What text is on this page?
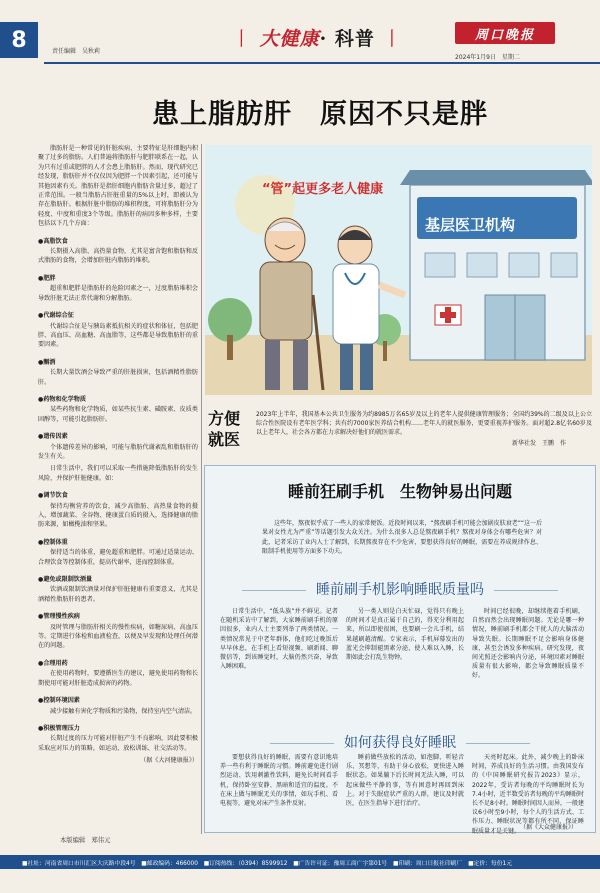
8	责任编辑　吴秋莉
丨 大健康· 科普 丨	周口晚报
2024年1月9日　星期二
患上脂肪肝　原因不只是胖

脂肪肝是一种常见的肝脏疾病，主要特征是肝细胞内积聚了过多的脂肪。人们普遍将脂肪肝与肥胖联系在一起，认为只有过重或肥胖的人才会患上脂肪肝。然而，现代研究已经发现，脂肪肝并不仅仅因为肥胖一个因素引起，还可能与其他因素有关。脂肪肝是指肝细胞内脂肪含量过多，超过了正常范围。一般当脂肪占肝脏重量的5%以上时，即被认为存在脂肪肝。根据肝脏中脂肪的堆积程度，可将脂肪肝分为轻度、中度和重度3个等级。脂肪肝的病因多种多样，主要包括以下几个方面：

●高脂饮食

长期摄入高脂、高热量食物，尤其是富含饱和脂肪和反式脂肪的食物，会增加肝脏内脂肪的堆积。

●肥胖

超重和肥胖是脂肪肝的危险因素之一，过度脂肪堆积会导致肝脏无法正常代谢和分解脂肪。

●代谢综合征

代谢综合征是与胰岛素抵抗相关的症状和体征，包括肥胖、高血压、高血糖、高血脂等，这些都是导致脂肪肝的重要因素。

●酗酒

长期大量饮酒会导致严重的肝脏损害，包括酒精性脂肪肝。

●药物和化学物质

某些药物和化学物质，如某些抗生素、磺胺素、皮质类固醇等，可能引起脂肪肝。

●遗传因素

个体遗传差异的影响，可能与脂肪代谢紊乱和脂肪肝的发生有关。

日常生活中，我们可以采取一些措施降低脂肪肝的发生风险，并保护肝脏健康。如：

●调节饮食

保持均衡营养的饮食，减少高脂肪、高热量食物的摄入，增加蔬菜、全谷物、健康蛋白质的摄入，选择健康的脂肪来源，如橄榄油和坚果。

●控制体重

保持适当的体重，避免超重和肥胖。可通过适量运动、合理饮食等控制体重，提高代谢率，进而控制体重。

●避免或限制饮酒量

饮酒或限制饮酒量对保护肝脏健康有重要意义，尤其是酒精性脂肪肝的患者。

●管理慢性疾病

及时管理与脂肪肝相关的慢性疾病，如糖尿病、高血压等。定期进行体检和血液检查，以便及早发现和处理任何潜在的问题。

●合理用药

在使用药物时，要遵循医生的建议，避免使用药物和长期使用可能对肝脏造成损害的药物。

●控制环境因素

减少接触有害化学物质和污染物，保持室内空气清洁。

●积极管理压力

长期过度的压力可能对肝脏产生不良影响，因此要积极采取应对压力的策略，如运动、放松训练、社交活动等。

（据《大河健康报》）

本版编辑　郑伟元
“管”起更多老人健康
基层医卫机构
方便就医
2023年上半年，我国基本公共卫生服务为约8985万名65岁及以上的老年人提供健康管理服务；全国约39%的二级及以上公立综合性医院设有老年医学科；共有约7000家医养结合机构……老年人的就医服务，更要重视养护服务。面对超2.8亿名60岁及以上老年人，社会各方都在力求解决好他们的就医需求。
新华社发　王鹏　作
睡前狂刷手机　生物钟易出问题
这些年，熬夜似乎成了一些人的家常便饭。近段时间以来，“熬夜刷手机可能会加剧皮肤衰老”“这一后果对女性尤为严重”等话题引发大众关注。为什么很多人总是熬夜刷手机？熬夜对身体会有哪些危害？对此，记者采访了业内人士了解到，长期熬夜存在不少危害，要想获得良好的睡眠，需要在养成规律作息、限制手机使用等方面多下功夫。
睡前刷手机影响睡眠质量吗

日常生活中，“低头族”并不鲜见。记者在随机采访中了解到，大家睡前刷手机的原因很多，业内人士主要列举了两类情况。一类情况常见于中老年群体，他们吃过晚饭后早早休息，在手机上看短视频、刷新闻、聊微信等，到该睡觉时，大脑仍然兴奋，导致入睡困难。

另一类人则是白天忙碌，觉得只有晚上的时间才是真正属于自己的，得充分利用起来，所以即使很困，也要刷一会儿手机，结果越刷越清醒。专家表示，手机屏幕发出的蓝光会抑制褪黑素分泌，使人难以入睡，长期如此会打乱生物钟。

时间已经很晚，却继续抱着手机刷，自然而然会出现睡眠问题。无论是哪一种情况，睡前刷手机都会干扰人的大脑活动导致失眠。长期睡眠不足会影响身体健康，甚至会诱发多种疾病。研究发现，夜间光照还会影响内分泌，环境因素对睡眠质量有很大影响，都会导致睡眠质量不好。

如何获得良好睡眠

要想获得良好的睡眠，需要有意识地培养一些有利于睡眠的习惯。睡前避免进行剧烈运动、饮用刺激性饮料，避免长时间看手机，保持卧室安静、黑暗和适宜的温度。不在床上做与睡眠无关的事情，如玩手机、看电视等，避免对床产生条件反射。

睡前做些放松的活动，如泡脚、听轻音乐、冥想等，有助于身心放松，更快进入睡眠状态。如果躺下后长时间无法入睡，可以起床做些平静的事，等有困意时再回到床上。对于失眠症状严重的人群，建议及时就医，在医生指导下进行治疗。

天亮时起床。此外，减少晚上的卧床时间，养成良好的生活习惯。由我国发布的《中国睡眠研究报告2023》显示，2022年，受访者每晚的平均睡眠时长为7.4小时，近半数受访者每晚的平均睡眠时长不足8小时。睡眠时间因人而异，一般建议6小时至9小时，每个人的生活方式、工作压力、睡眠状况等都有所不同，保证睡眠质量才是关键。

（据《大众健康报》）
■社址：河南省周口市川汇区大庆路中段4号　■邮政编码：466000　■订阅热线：（0394）8599912　■广告许可证：豫周工商广字第01号　■印刷：周口日报社印刷厂　■定价：每份1元
